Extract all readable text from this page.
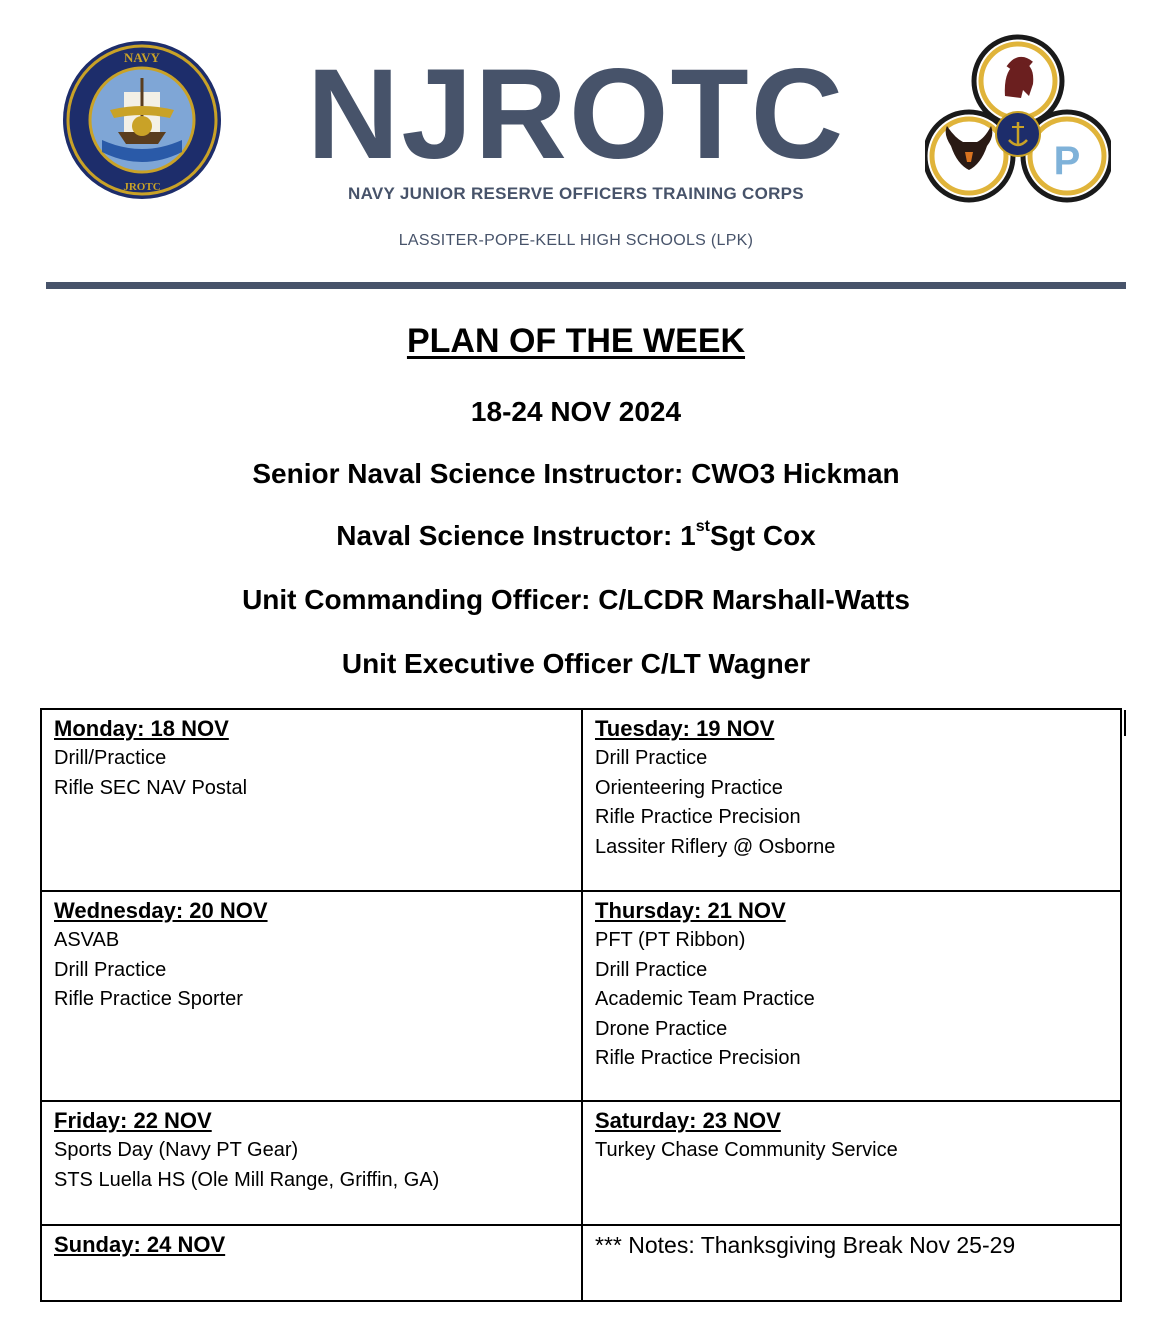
NAVY
JROTC
NJROTC
NAVY JUNIOR RESERVE OFFICERS TRAINING CORPS
LASSITER-POPE-KELL HIGH SCHOOLS (LPK)
P
PLAN OF THE WEEK
18-24 NOV 2024
Senior Naval Science Instructor: CWO3 Hickman
Naval Science Instructor: 1stSgt Cox
Unit Commanding Officer: C/LCDR Marshall-Watts
Unit Executive Officer C/LT Wagner
Monday: 18 NOV
Drill/Practice
Rifle SEC NAV Postal
Tuesday: 19 NOV
Drill Practice
Orienteering Practice
Rifle Practice Precision
Lassiter Riflery @ Osborne
Wednesday: 20 NOV
ASVAB
Drill Practice
Rifle Practice Sporter
Thursday: 21 NOV
PFT (PT Ribbon)
Drill Practice
Academic Team Practice
Drone Practice
Rifle Practice Precision
Friday: 22 NOV
Sports Day (Navy PT Gear)
STS Luella HS (Ole Mill Range, Griffin, GA)
Saturday: 23 NOV
Turkey Chase Community Service
Sunday: 24 NOV	*** Notes: Thanksgiving Break Nov 25-29
